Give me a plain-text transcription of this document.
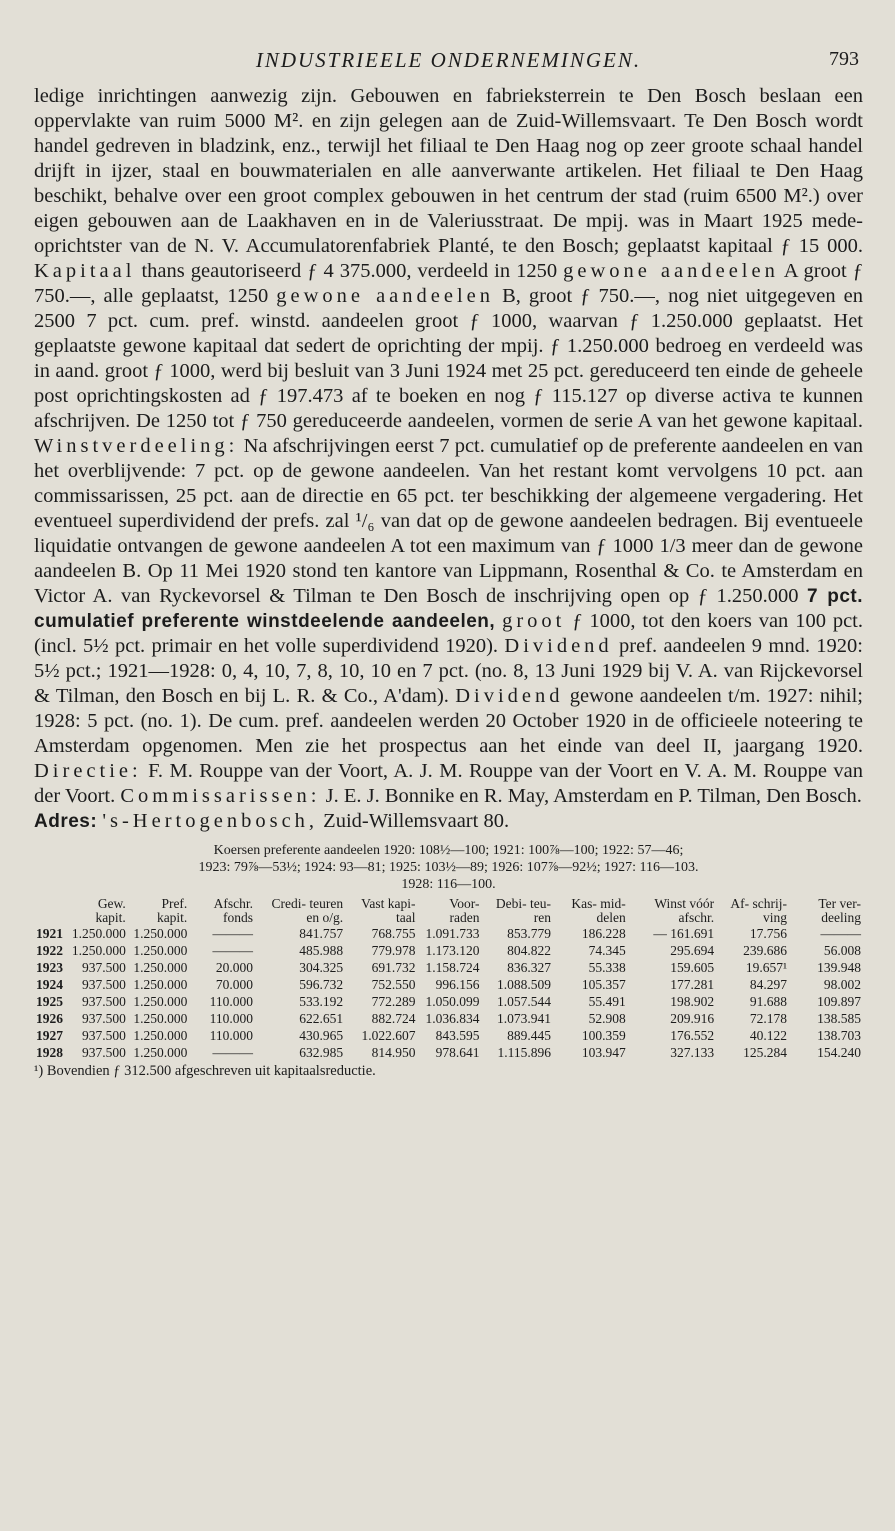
INDUSTRIEELE ONDERNEMINGEN.	793

ledige inrichtingen aanwezig zijn. Gebouwen en fabrieksterrein te Den Bosch beslaan een oppervlakte van ruim 5000 M². en zijn gelegen aan de Zuid-Willemsvaart. Te Den Bosch wordt handel gedreven in bladzink, enz., terwijl het filiaal te Den Haag nog op zeer groote schaal handel drijft in ijzer, staal en bouwmaterialen en alle aanverwante artikelen. Het filiaal te Den Haag beschikt, behalve over een groot complex gebouwen in het centrum der stad (ruim 6500 M².) over eigen gebouwen aan de Laakhaven en in de Valeriusstraat. De mpij. was in Maart 1925 mede-oprichtster van de N. V. Accumulatorenfabriek Planté, te den Bosch; geplaatst kapitaal ƒ 15 000. Kapitaal thans geautoriseerd ƒ 4 375.000, verdeeld in 1250 gewone aandeelen A groot ƒ 750.—, alle geplaatst, 1250 gewone aandeelen B, groot ƒ 750.—, nog niet uitgegeven en 2500 7 pct. cum. pref. winstd. aandeelen groot ƒ 1000, waarvan ƒ 1.250.000 geplaatst. Het geplaatste gewone kapitaal dat sedert de oprichting der mpij. ƒ 1.250.000 bedroeg en verdeeld was in aand. groot ƒ 1000, werd bij besluit van 3 Juni 1924 met 25 pct. gereduceerd ten einde de geheele post oprichtingskosten ad ƒ 197.473 af te boeken en nog ƒ 115.127 op diverse activa te kunnen afschrijven. De 1250 tot ƒ 750 gereduceerde aandeelen, vormen de serie A van het gewone kapitaal. Winstverdeeling: Na afschrijvingen eerst 7 pct. cumulatief op de preferente aandeelen en van het overblijvende: 7 pct. op de gewone aandeelen. Van het restant komt vervolgens 10 pct. aan commissarissen, 25 pct. aan de directie en 65 pct. ter beschikking der algemeene vergadering. Het eventueel superdividend der prefs. zal ¹/₆ van dat op de gewone aandeelen bedragen. Bij eventueele liquidatie ontvangen de gewone aandeelen A tot een maximum van ƒ 1000 1/3 meer dan de gewone aandeelen B. Op 11 Mei 1920 stond ten kantore van Lippmann, Rosenthal & Co. te Amsterdam en Victor A. van Ryckevorsel & Tilman te Den Bosch de inschrijving open op ƒ 1.250.000 7 pct. cumulatief preferente winstdeelende aandeelen, groot ƒ 1000, tot den koers van 100 pct. (incl. 5½ pct. primair en het volle superdividend 1920). Dividend pref. aandeelen 9 mnd. 1920: 5½ pct.; 1921—1928: 0, 4, 10, 7, 8, 10, 10 en 7 pct. (no. 8, 13 Juni 1929 bij V. A. van Rijckevorsel & Tilman, den Bosch en bij L. R. & Co., A'dam). Dividend gewone aandeelen t/m. 1927: nihil; 1928: 5 pct. (no. 1). De cum. pref. aandeelen werden 20 October 1920 in de officieele noteering te Amsterdam opgenomen. Men zie het prospectus aan het einde van deel II, jaargang 1920. Directie: F. M. Rouppe van der Voort, A. J. M. Rouppe van der Voort en V. A. M. Rouppe van der Voort. Commissarissen: J. E. J. Bonnike en R. May, Amsterdam en P. Tilman, Den Bosch.
Adres: 's-Hertogenbosch, Zuid-Willemsvaart 80.

Koersen preferente aandeelen 1920: 108½—100; 1921: 100⅞—100; 1922: 57—46;
1923: 79⅞—53½; 1924: 93—81; 1925: 103½—89; 1926: 107⅞—92½; 1927: 116—103.
1928: 116—100.
	Gew. kapit.	Pref. kapit.	Afschr. fonds	Credi- teuren en o/g.	Vast kapi- taal	Voor- raden	Debi- teu- ren	Kas- mid- delen	Winst vóór afschr.	Af- schrij- ving	Ter ver- deeling
1921	1.250.000	1.250.000	———	841.757	768.755	1.091.733	853.779	186.228	— 161.691	17.756	———
1922	1.250.000	1.250.000	———	485.988	779.978	1.173.120	804.822	74.345	295.694	239.686	56.008
1923	937.500	1.250.000	20.000	304.325	691.732	1.158.724	836.327	55.338	159.605	19.657¹	139.948
1924	937.500	1.250.000	70.000	596.732	752.550	996.156	1.088.509	105.357	177.281	84.297	98.002
1925	937.500	1.250.000	110.000	533.192	772.289	1.050.099	1.057.544	55.491	198.902	91.688	109.897
1926	937.500	1.250.000	110.000	622.651	882.724	1.036.834	1.073.941	52.908	209.916	72.178	138.585
1927	937.500	1.250.000	110.000	430.965	1.022.607	843.595	889.445	100.359	176.552	40.122	138.703
1928	937.500	1.250.000	———	632.985	814.950	978.641	1.115.896	103.947	327.133	125.284	154.240
¹) Bovendien ƒ 312.500 afgeschreven uit kapitaalsreductie.
